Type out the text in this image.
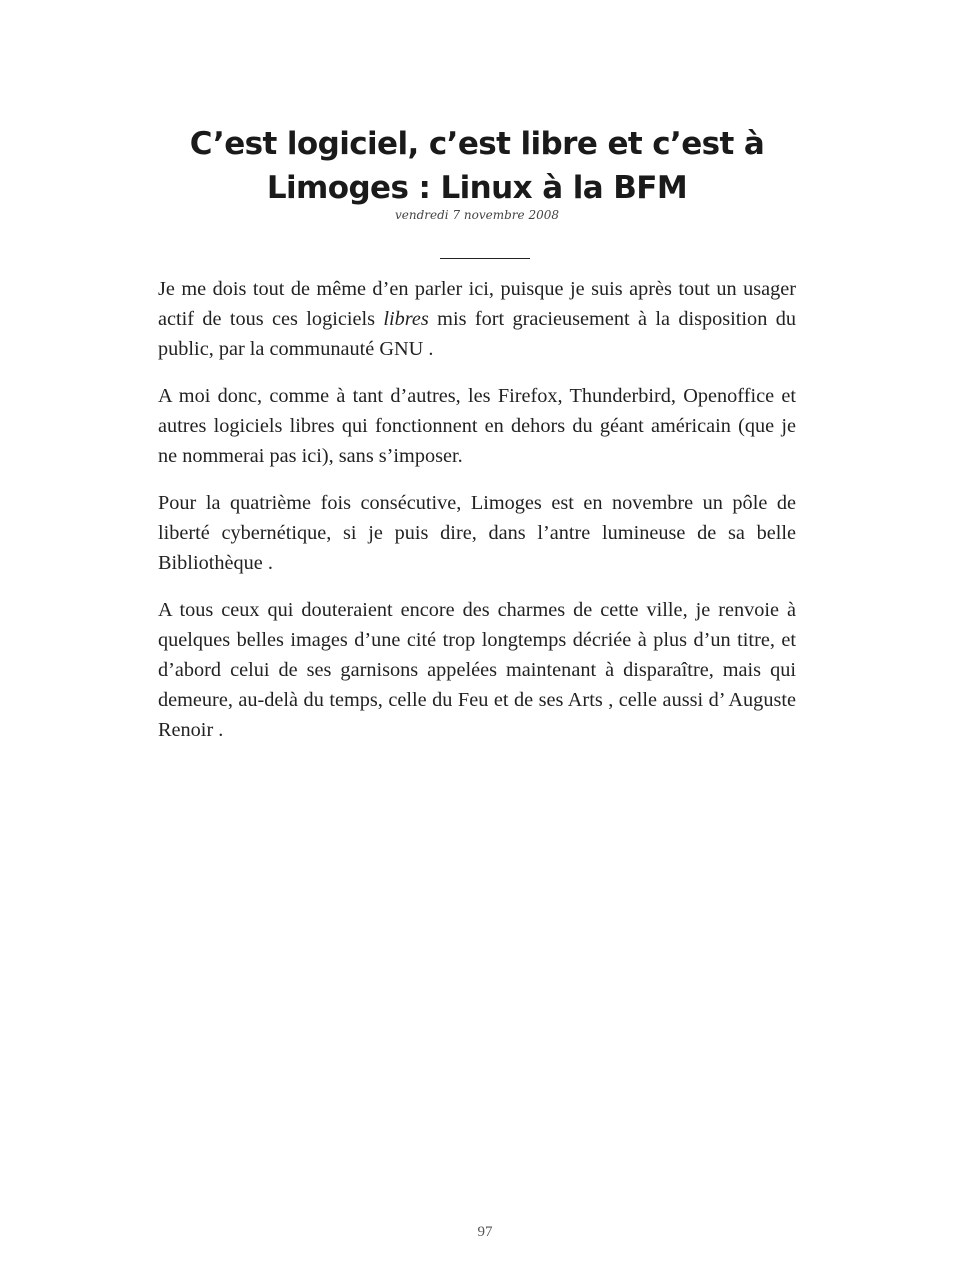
C’est logiciel, c’est libre et c’est à
Limoges : Linux à la BFM
vendredi 7 novembre 2008

Je me dois tout de même d’en parler ici, puisque je suis après tout un usager actif de tous ces logiciels libres mis fort gracieusement à la disposition du public, par la communauté GNU .

A moi donc, comme à tant d’autres, les Firefox, Thunderbird, Openoffice et autres logiciels libres qui fonctionnent en dehors du géant américain (que je ne nommerai pas ici), sans s’imposer.

Pour la quatrième fois consécutive, Limoges est en novembre un pôle de liberté cybernétique, si je puis dire, dans l’antre lumineuse de sa belle Bibliothèque .

A tous ceux qui douteraient encore des charmes de cette ville, je renvoie à quelques belles images d’une cité trop longtemps décriée à plus d’un titre, et d’abord celui de ses garnisons appelées maintenant à disparaître, mais qui demeure, au-delà du temps, celle du Feu et de ses Arts , celle aussi d’ Auguste Renoir .

97
